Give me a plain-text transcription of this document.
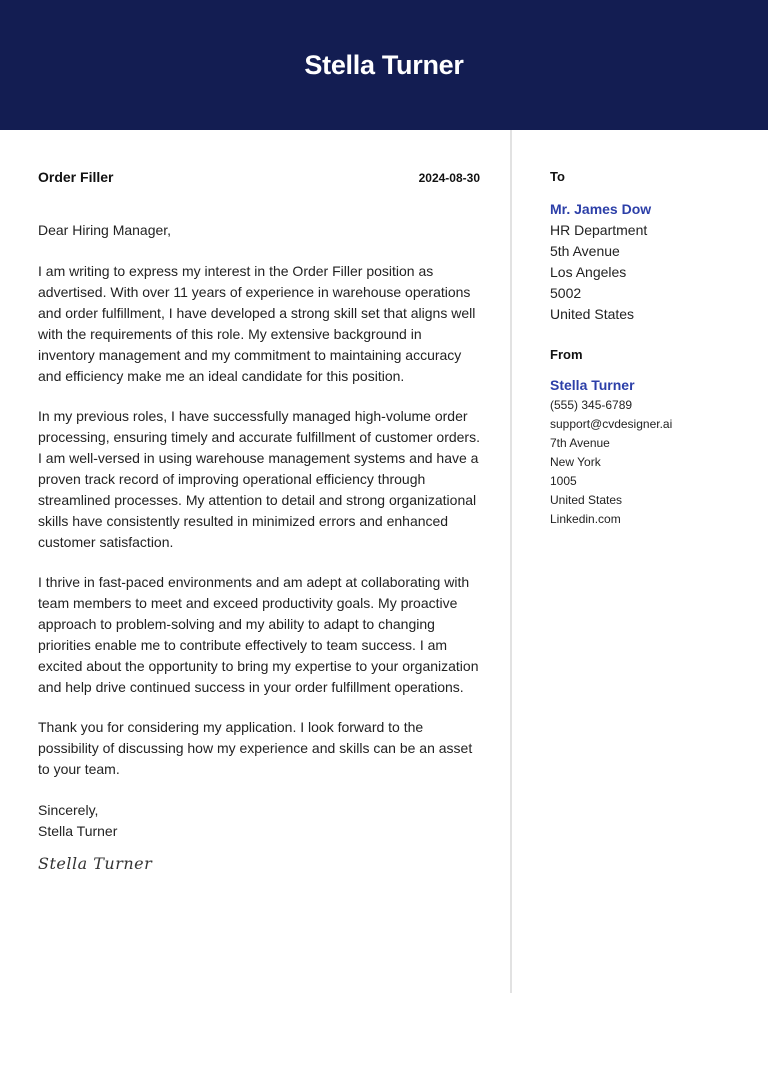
Stella Turner
Order Filler	2024-08-30
Dear Hiring Manager,

I am writing to express my interest in the Order Filler position as advertised. With over 11 years of experience in warehouse operations and order fulfillment, I have developed a strong skill set that aligns well with the requirements of this role. My extensive background in inventory management and my commitment to maintaining accuracy and efficiency make me an ideal candidate for this position.

In my previous roles, I have successfully managed high-volume order processing, ensuring timely and accurate fulfillment of customer orders. I am well-versed in using warehouse management systems and have a proven track record of improving operational efficiency through streamlined processes. My attention to detail and strong organizational skills have consistently resulted in minimized errors and enhanced customer satisfaction.

I thrive in fast-paced environments and am adept at collaborating with team members to meet and exceed productivity goals. My proactive approach to problem-solving and my ability to adapt to changing priorities enable me to contribute effectively to team success. I am excited about the opportunity to bring my expertise to your organization and help drive continued success in your order fulfillment operations.

Thank you for considering my application. I look forward to the possibility of discussing how my experience and skills can be an asset to your team.

Sincerely,
Stella Turner
Stella Turner
To
Mr. James Dow
HR Department
5th Avenue
Los Angeles
5002
United States
From
Stella Turner
(555) 345-6789
support@cvdesigner.ai
7th Avenue
New York
1005
United States
Linkedin.com
